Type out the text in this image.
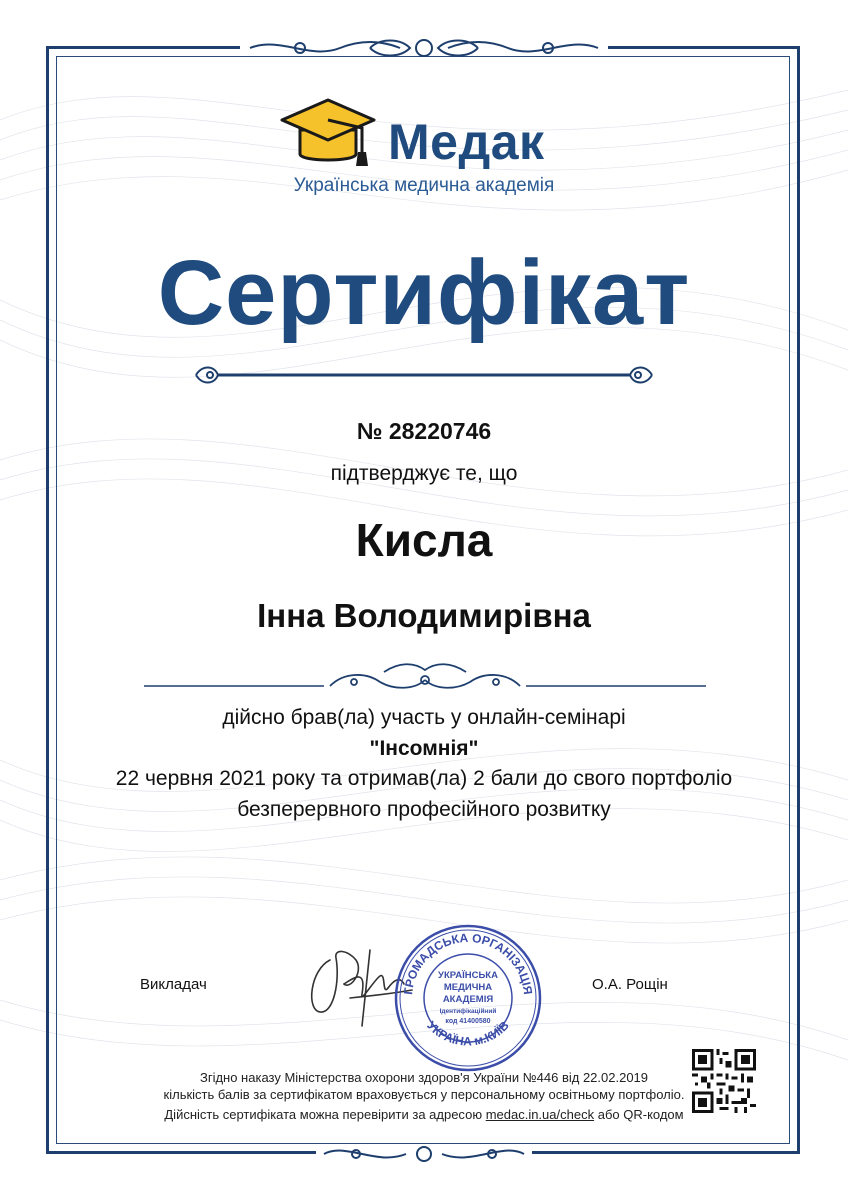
Медак
Українська медична академія
Сертифікат
№ 28220746
підтверджує те, що
Кисла
Інна Володимирівна
дійсно брав(ла) участь у онлайн-семінарі
"Інсомнія"
22 червня 2021 року та отримав(ла) 2 бали до свого портфоліо
безперервного професійного розвитку
Викладач	ГРОМАДСЬКА ОРГАНІЗАЦІЯ
УКРАЇНА м.КИЇВ
УКРАЇНСЬКА
МЕДИЧНА
АКАДЕМІЯ
Ідентифікаційний
код 41400580
О.А. Рощін
Згідно наказу Міністерства охорони здоров'я України №446 від 22.02.2019
кількість балів за сертифікатом враховується у персональному освітньому портфоліо.
Дійсність сертифіката можна перевірити за адресою medac.in.ua/check або QR-кодом
